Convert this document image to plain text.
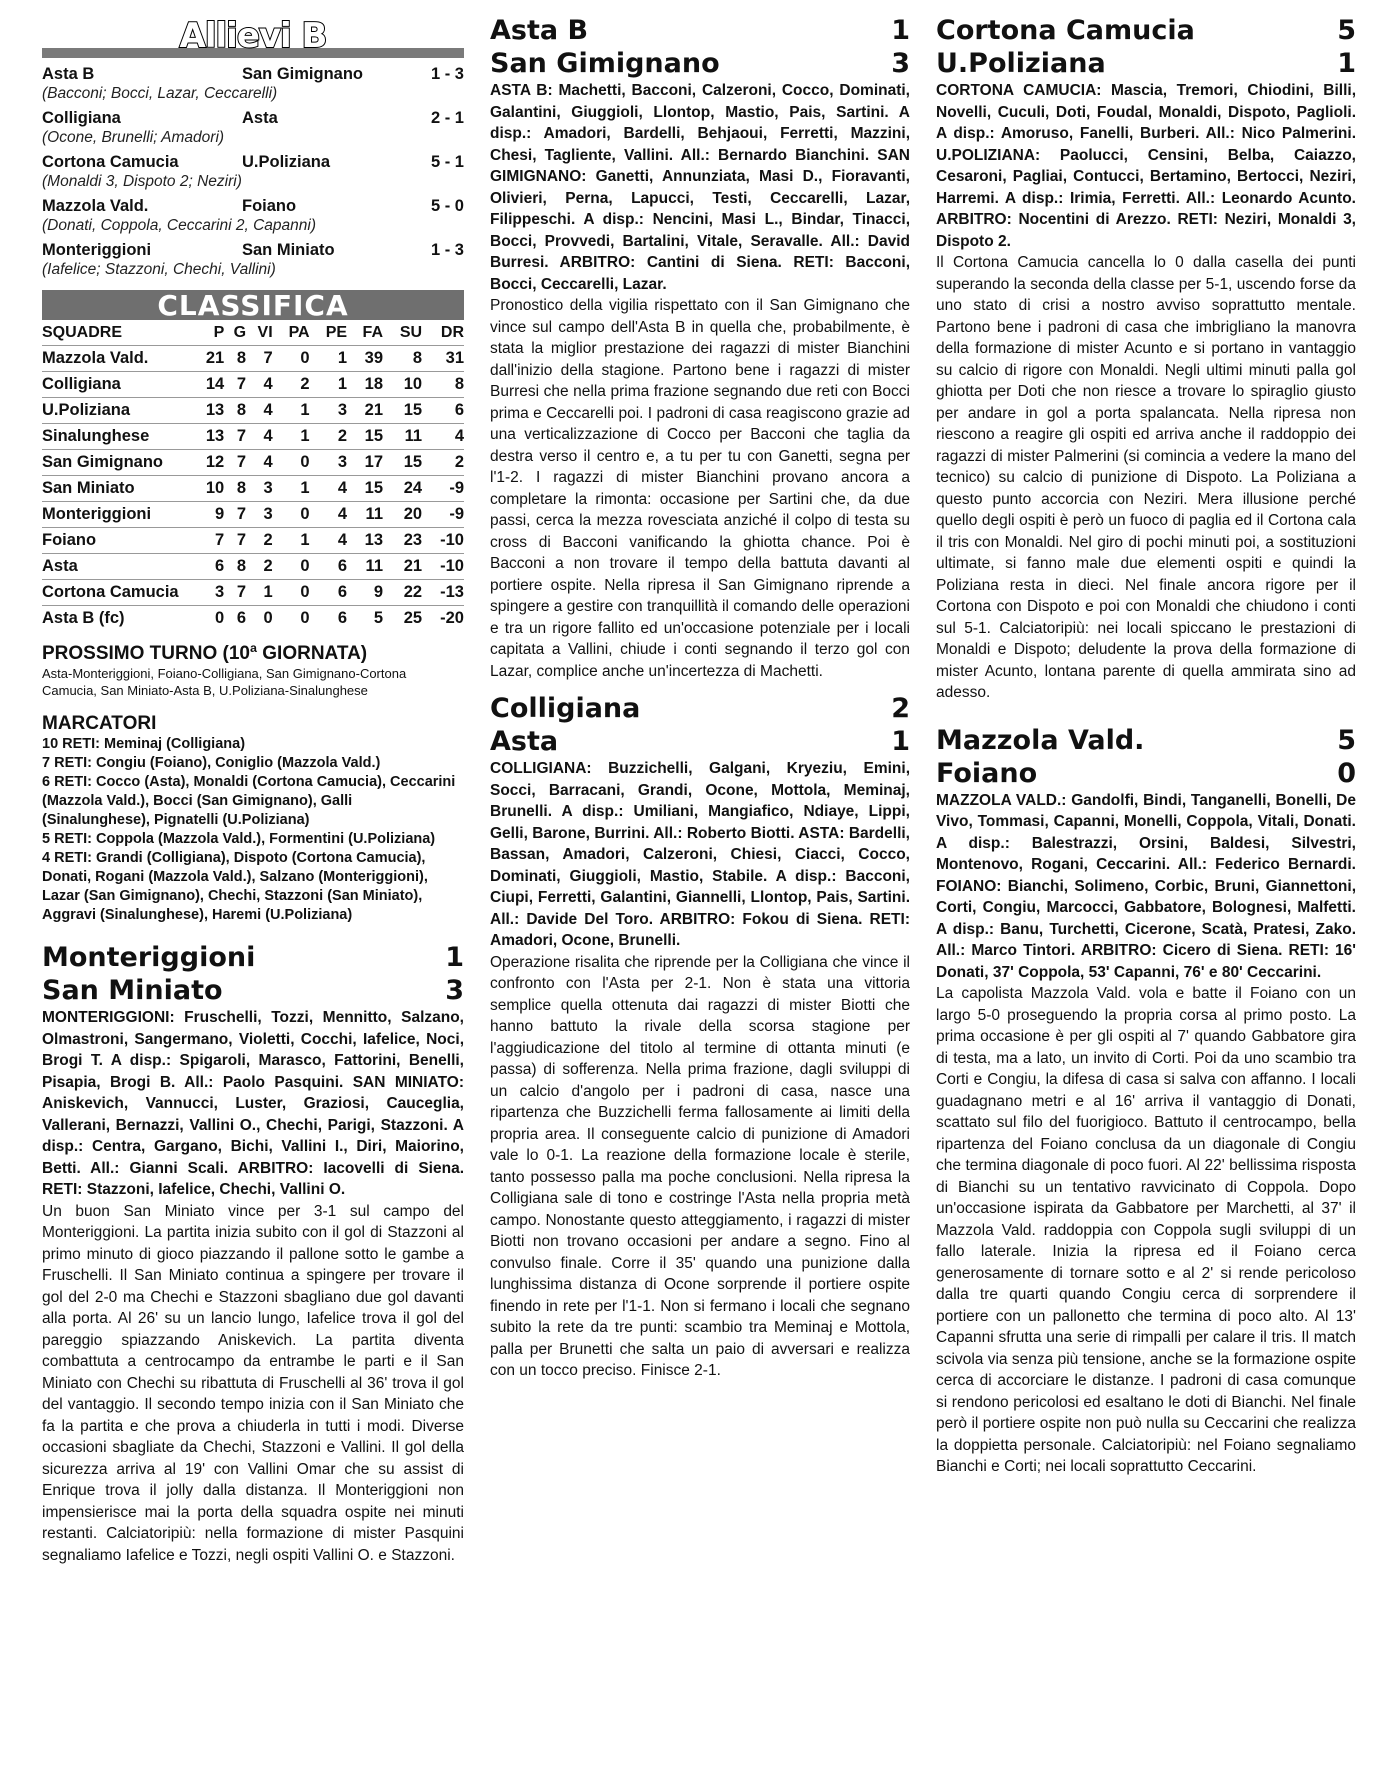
Allievi B
Asta B	San Gimignano	1 - 3
(Bacconi; Bocci, Lazar, Ceccarelli)
Colligiana	Asta	2 - 1
(Ocone, Brunelli; Amadori)
Cortona Camucia	U.Poliziana	5 - 1
(Monaldi 3, Dispoto 2; Neziri)
Mazzola Vald.	Foiano	5 - 0
(Donati, Coppola, Ceccarini 2, Capanni)
Monteriggioni	San Miniato	1 - 3
(Iafelice; Stazzoni, Chechi, Vallini)
CLASSIFICA
SQUADRE	P	G	VI	PA	PE	FA	SU	DR
Mazzola Vald.	21	8	7	0	1	39	8	31
Colligiana	14	7	4	2	1	18	10	8
U.Poliziana	13	8	4	1	3	21	15	6
Sinalunghese	13	7	4	1	2	15	11	4
San Gimignano	12	7	4	0	3	17	15	2
San Miniato	10	8	3	1	4	15	24	-9
Monteriggioni	9	7	3	0	4	11	20	-9
Foiano	7	7	2	1	4	13	23	-10
Asta	6	8	2	0	6	11	21	-10
Cortona Camucia	3	7	1	0	6	9	22	-13
Asta B (fc)	0	6	0	0	6	5	25	-20
PROSSIMO TURNO (10ª GIORNATA)
Asta-Monteriggioni, Foiano-Colligiana, San Gimignano-Cortona Camucia, San Miniato-Asta B, U.Poliziana-Sinalunghese
MARCATORI
10 RETI: Meminaj (Colligiana)
7 RETI: Congiu (Foiano), Coniglio (Mazzola Vald.)
6 RETI: Cocco (Asta), Monaldi (Cortona Camucia), Ceccarini (Mazzola Vald.), Bocci (San Gimignano), Galli (Sinalunghese), Pignatelli (U.Poliziana)
5 RETI: Coppola (Mazzola Vald.), Formentini (U.Poliziana)
4 RETI: Grandi (Colligiana), Dispoto (Cortona Camucia), Donati, Rogani (Mazzola Vald.), Salzano (Monteriggioni), Lazar (San Gimignano), Chechi, Stazzoni (San Miniato), Aggravi (Sinalunghese), Haremi (U.Poliziana)
Monteriggioni	1
San Miniato	3
MONTERIGGIONI: Fruschelli, Tozzi, Mennitto, Salzano, Olmastroni, Sangermano, Violetti, Cocchi, Iafelice, Noci, Brogi T. A disp.: Spigaroli, Marasco, Fattorini, Benelli, Pisapia, Brogi B. All.: Paolo Pasquini. SAN MINIATO: Aniskevich, Vannucci, Luster, Graziosi, Cauceglia, Vallerani, Bernazzi, Vallini O., Chechi, Parigi, Stazzoni. A disp.: Centra, Gargano, Bichi, Vallini I., Diri, Maiorino, Betti. All.: Gianni Scali. ARBITRO: Iacovelli di Siena. RETI: Stazzoni, Iafelice, Chechi, Vallini O.
Un buon San Miniato vince per 3-1 sul campo del Monteriggioni. La partita inizia subito con il gol di Stazzoni al primo minuto di gioco piazzando il pallone sotto le gambe a Fruschelli. Il San Miniato continua a spingere per trovare il gol del 2-0 ma Chechi e Stazzoni sbagliano due gol davanti alla porta. Al 26' su un lancio lungo, Iafelice trova il gol del pareggio spiazzando Aniskevich. La partita diventa combattuta a centrocampo da entrambe le parti e il San Miniato con Chechi su ribattuta di Fruschelli al 36' trova il gol del vantaggio. Il secondo tempo inizia con il San Miniato che fa la partita e che prova a chiuderla in tutti i modi. Diverse occasioni sbagliate da Chechi, Stazzoni e Vallini. Il gol della sicurezza arriva al 19' con Vallini Omar che su assist di Enrique trova il jolly dalla distanza. Il Monteriggioni non impensierisce mai la porta della squadra ospite nei minuti restanti. Calciatoripiù: nella formazione di mister Pasquini segnaliamo Iafelice e Tozzi, negli ospiti Vallini O. e Stazzoni.
Asta B	1
San Gimignano	3
ASTA B: Machetti, Bacconi, Calzeroni, Cocco, Dominati, Galantini, Giuggioli, Llontop, Mastio, Pais, Sartini. A disp.: Amadori, Bardelli, Behjaoui, Ferretti, Mazzini, Chesi, Tagliente, Vallini. All.: Bernardo Bianchini. SAN GIMIGNANO: Ganetti, Annunziata, Masi D., Fioravanti, Olivieri, Perna, Lapucci, Testi, Ceccarelli, Lazar, Filippeschi. A disp.: Nencini, Masi L., Bindar, Tinacci, Bocci, Provvedi, Bartalini, Vitale, Seravalle. All.: David Burresi. ARBITRO: Cantini di Siena. RETI: Bacconi, Bocci, Ceccarelli, Lazar.
Pronostico della vigilia rispettato con il San Gimignano che vince sul campo dell'Asta B in quella che, probabilmente, è stata la miglior prestazione dei ragazzi di mister Bianchini dall'inizio della stagione. Partono bene i ragazzi di mister Burresi che nella prima frazione segnando due reti con Bocci prima e Ceccarelli poi. I padroni di casa reagiscono grazie ad una verticalizzazione di Cocco per Bacconi che taglia da destra verso il centro e, a tu per tu con Ganetti, segna per l'1-2. I ragazzi di mister Bianchini provano ancora a completare la rimonta: occasione per Sartini che, da due passi, cerca la mezza rovesciata anziché il colpo di testa su cross di Bacconi vanificando la ghiotta chance. Poi è Bacconi a non trovare il tempo della battuta davanti al portiere ospite. Nella ripresa il San Gimignano riprende a spingere a gestire con tranquillità il comando delle operazioni e tra un rigore fallito ed un'occasione potenziale per i locali capitata a Vallini, chiude i conti segnando il terzo gol con Lazar, complice anche un'incertezza di Machetti.
Colligiana	2
Asta	1
COLLIGIANA: Buzzichelli, Galgani, Kryeziu, Emini, Socci, Barracani, Grandi, Ocone, Mottola, Meminaj, Brunelli. A disp.: Umiliani, Mangiafico, Ndiaye, Lippi, Gelli, Barone, Burrini. All.: Roberto Biotti. ASTA: Bardelli, Bassan, Amadori, Calzeroni, Chiesi, Ciacci, Cocco, Dominati, Giuggioli, Mastio, Stabile. A disp.: Bacconi, Ciupi, Ferretti, Galantini, Giannelli, Llontop, Pais, Sartini. All.: Davide Del Toro. ARBITRO: Fokou di Siena. RETI: Amadori, Ocone, Brunelli.
Operazione risalita che riprende per la Colligiana che vince il confronto con l'Asta per 2-1. Non è stata una vittoria semplice quella ottenuta dai ragazzi di mister Biotti che hanno battuto la rivale della scorsa stagione per l'aggiudicazione del titolo al termine di ottanta minuti (e passa) di sofferenza. Nella prima frazione, dagli sviluppi di un calcio d'angolo per i padroni di casa, nasce una ripartenza che Buzzichelli ferma fallosamente ai limiti della propria area. Il conseguente calcio di punizione di Amadori vale lo 0-1. La reazione della formazione locale è sterile, tanto possesso palla ma poche conclusioni. Nella ripresa la Colligiana sale di tono e costringe l'Asta nella propria metà campo. Nonostante questo atteggiamento, i ragazzi di mister Biotti non trovano occasioni per andare a segno. Fino al convulso finale. Corre il 35' quando una punizione dalla lunghissima distanza di Ocone sorprende il portiere ospite finendo in rete per l'1-1. Non si fermano i locali che segnano subito la rete da tre punti: scambio tra Meminaj e Mottola, palla per Brunetti che salta un paio di avversari e realizza con un tocco preciso. Finisce 2-1.
Cortona Camucia	5
U.Poliziana	1
CORTONA CAMUCIA: Mascia, Tremori, Chiodini, Billi, Novelli, Cuculi, Doti, Foudal, Monaldi, Dispoto, Paglioli. A disp.: Amoruso, Fanelli, Burberi. All.: Nico Palmerini. U.POLIZIANA: Paolucci, Censini, Belba, Caiazzo, Cesaroni, Pagliai, Contucci, Bertamino, Bertocci, Neziri, Harremi. A disp.: Irimia, Ferretti. All.: Leonardo Acunto. ARBITRO: Nocentini di Arezzo. RETI: Neziri, Monaldi 3, Dispoto 2.
Il Cortona Camucia cancella lo 0 dalla casella dei punti superando la seconda della classe per 5-1, uscendo forse da uno stato di crisi a nostro avviso soprattutto mentale. Partono bene i padroni di casa che imbrigliano la manovra della formazione di mister Acunto e si portano in vantaggio su calcio di rigore con Monaldi. Negli ultimi minuti palla gol ghiotta per Doti che non riesce a trovare lo spiraglio giusto per andare in gol a porta spalancata. Nella ripresa non riescono a reagire gli ospiti ed arriva anche il raddoppio dei ragazzi di mister Palmerini (si comincia a vedere la mano del tecnico) su calcio di punizione di Dispoto. La Poliziana a questo punto accorcia con Neziri. Mera illusione perché quello degli ospiti è però un fuoco di paglia ed il Cortona cala il tris con Monaldi. Nel giro di pochi minuti poi, a sostituzioni ultimate, si fanno male due elementi ospiti e quindi la Poliziana resta in dieci. Nel finale ancora rigore per il Cortona con Dispoto e poi con Monaldi che chiudono i conti sul 5-1. Calciatoripiù: nei locali spiccano le prestazioni di Monaldi e Dispoto; deludente la prova della formazione di mister Acunto, lontana parente di quella ammirata sino ad adesso.
Mazzola Vald.	5
Foiano	0
MAZZOLA VALD.: Gandolfi, Bindi, Tanganelli, Bonelli, De Vivo, Tommasi, Capanni, Monelli, Coppola, Vitali, Donati. A disp.: Balestrazzi, Orsini, Baldesi, Silvestri, Montenovo, Rogani, Ceccarini. All.: Federico Bernardi. FOIANO: Bianchi, Solimeno, Corbic, Bruni, Giannettoni, Corti, Congiu, Marcocci, Gabbatore, Bolognesi, Malfetti. A disp.: Banu, Turchetti, Cicerone, Scatà, Pratesi, Zako. All.: Marco Tintori. ARBITRO: Cicero di Siena. RETI: 16' Donati, 37' Coppola, 53' Capanni, 76' e 80' Ceccarini.
La capolista Mazzola Vald. vola e batte il Foiano con un largo 5-0 proseguendo la propria corsa al primo posto. La prima occasione è per gli ospiti al 7' quando Gabbatore gira di testa, ma a lato, un invito di Corti. Poi da uno scambio tra Corti e Congiu, la difesa di casa si salva con affanno. I locali guadagnano metri e al 16' arriva il vantaggio di Donati, scattato sul filo del fuorigioco. Battuto il centrocampo, bella ripartenza del Foiano conclusa da un diagonale di Congiu che termina diagonale di poco fuori. Al 22' bellissima risposta di Bianchi su un tentativo ravvicinato di Coppola. Dopo un'occasione ispirata da Gabbatore per Marchetti, al 37' il Mazzola Vald. raddoppia con Coppola sugli sviluppi di un fallo laterale. Inizia la ripresa ed il Foiano cerca generosamente di tornare sotto e al 2' si rende pericoloso dalla tre quarti quando Congiu cerca di sorprendere il portiere con un pallonetto che termina di poco alto. Al 13' Capanni sfrutta una serie di rimpalli per calare il tris. Il match scivola via senza più tensione, anche se la formazione ospite cerca di accorciare le distanze. I padroni di casa comunque si rendono pericolosi ed esaltano le doti di Bianchi. Nel finale però il portiere ospite non può nulla su Ceccarini che realizza la doppietta personale. Calciatoripiù: nel Foiano segnaliamo Bianchi e Corti; nei locali soprattutto Ceccarini.
